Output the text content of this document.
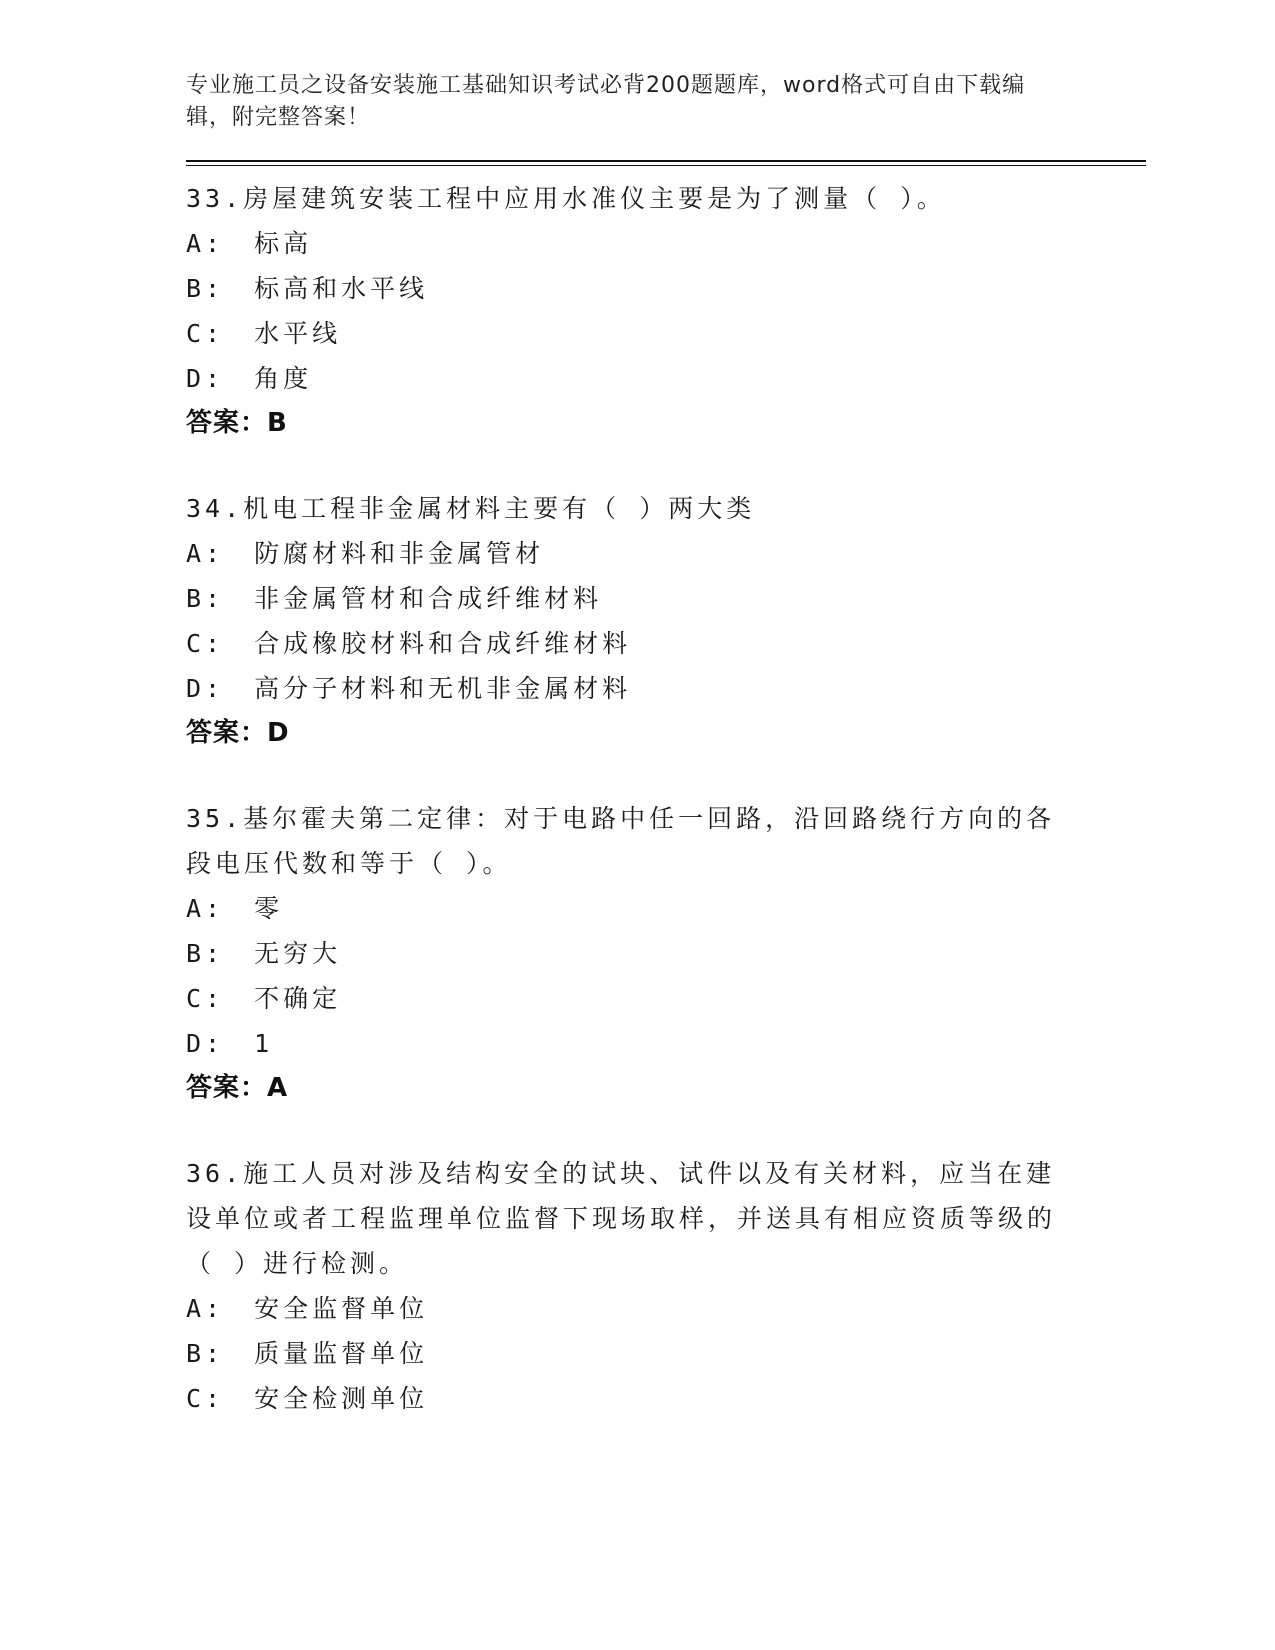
专业施工员之设备安装施工基础知识考试必背200题题库，word格式可自由下载编辑，附完整答案！
33.房屋建筑安装工程中应用水准仪主要是为了测量（ ）。
A: 标高
B: 标高和水平线
C: 水平线
D: 角度
答案：B
34.机电工程非金属材料主要有（ ）两大类
A: 防腐材料和非金属管材
B: 非金属管材和合成纤维材料
C: 合成橡胶材料和合成纤维材料
D: 高分子材料和无机非金属材料
答案：D
35.基尔霍夫第二定律：对于电路中任一回路，沿回路绕行方向的各段电压代数和等于（ ）。
A: 零
B: 无穷大
C: 不确定
D: 1
答案：A
36.施工人员对涉及结构安全的试块、试件以及有关材料，应当在建设单位或者工程监理单位监督下现场取样，并送具有相应资质等级的（ ）进行检测。
A: 安全监督单位
B: 质量监督单位
C: 安全检测单位
